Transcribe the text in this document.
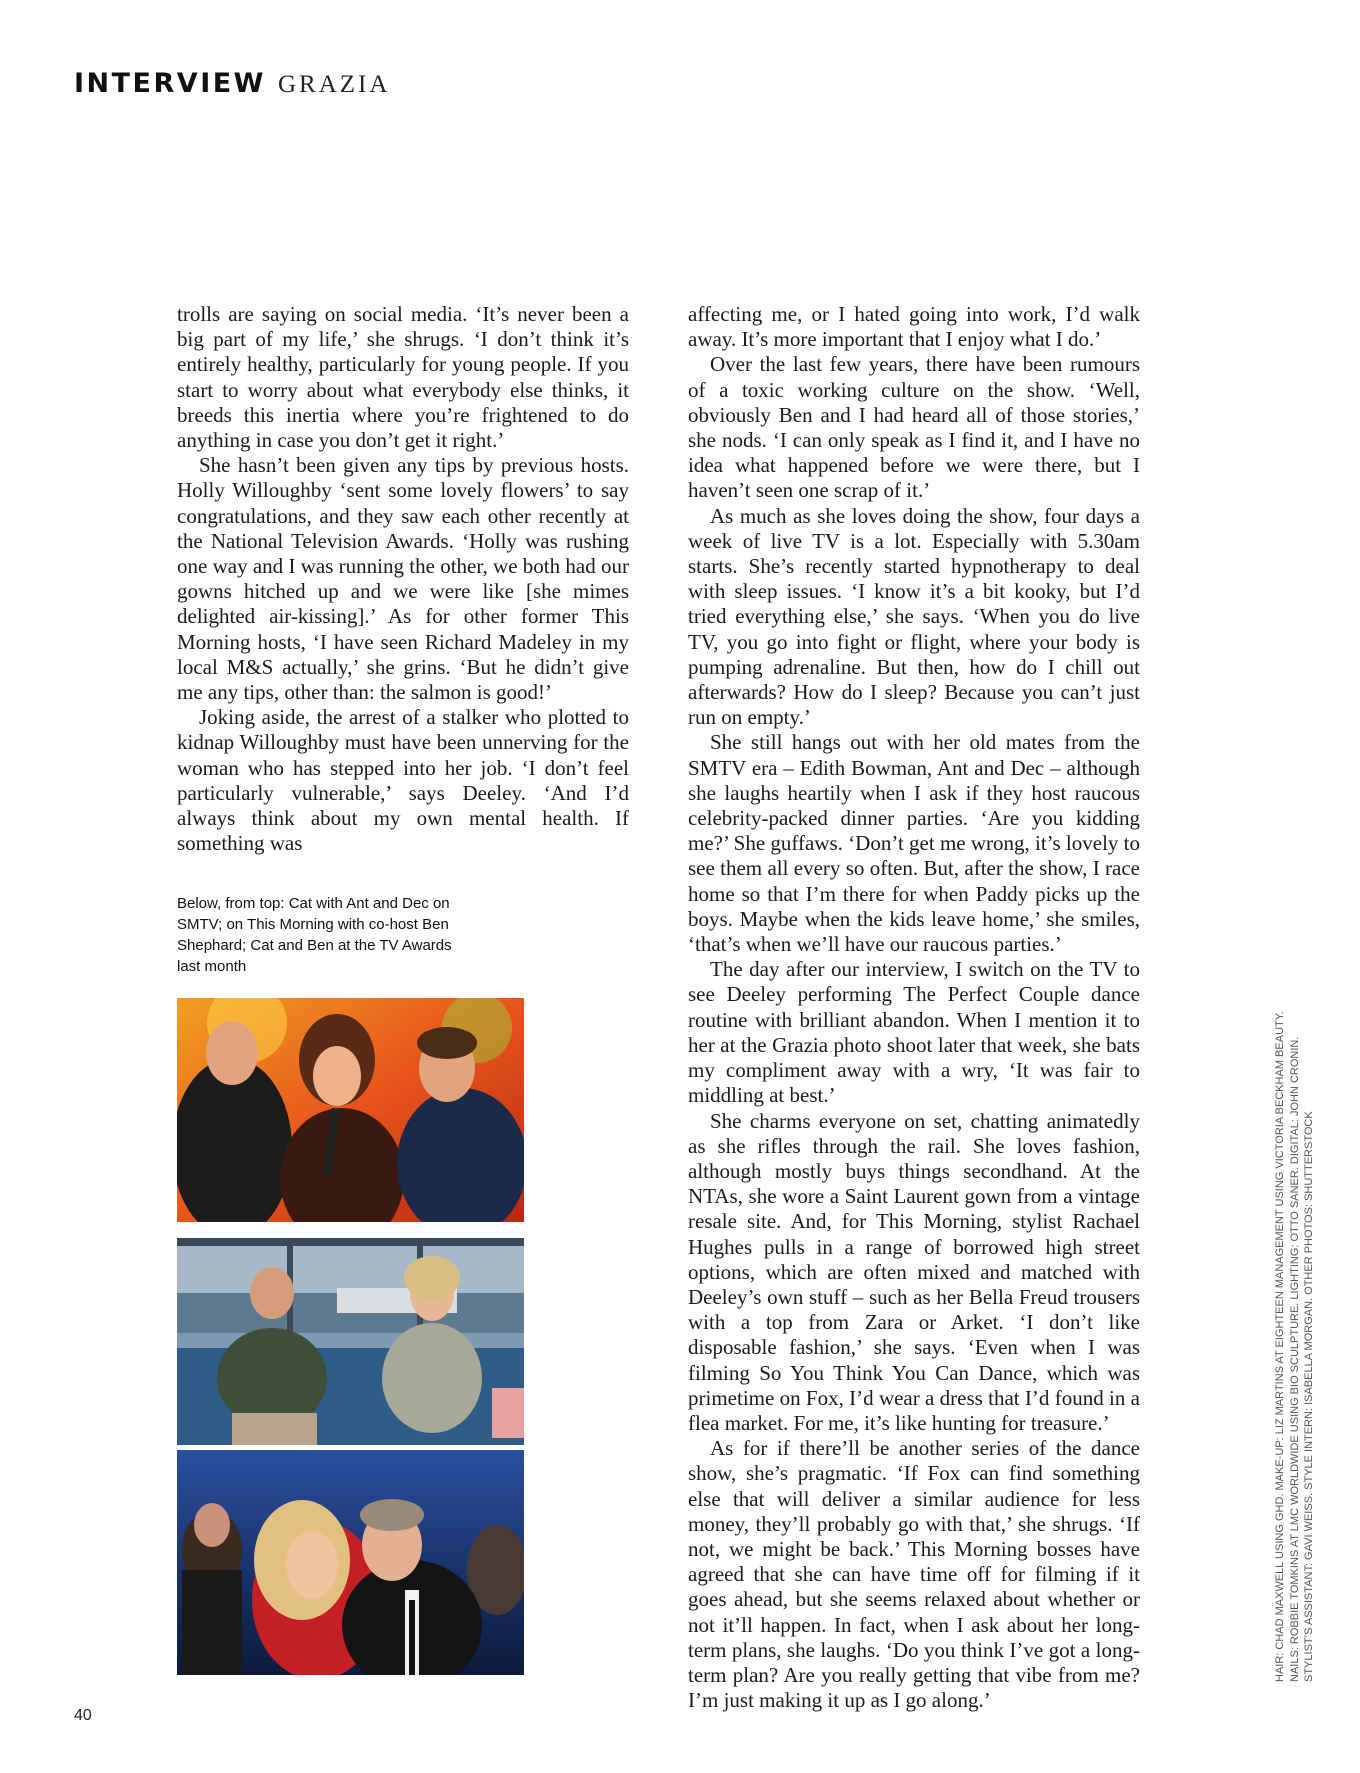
INTERVIEW GRAZIA

trolls are saying on social media. ‘It’s never been a big part of my life,’ she shrugs. ‘I don’t think it’s entirely healthy, particularly for young people. If you start to worry about what everybody else thinks, it breeds this inertia where you’re frightened to do anything in case you don’t get it right.’

She hasn’t been given any tips by previous hosts. Holly Willoughby ‘sent some lovely flowers’ to say congratulations, and they saw each other recently at the National Television Awards. ‘Holly was rushing one way and I was running the other, we both had our gowns hitched up and we were like [she mimes delighted air-kissing].’ As for other former This Morning hosts, ‘I have seen Richard Madeley in my local M&S actually,’ she grins. ‘But he didn’t give me any tips, other than: the salmon is good!’

Joking aside, the arrest of a stalker who plotted to kidnap Willoughby must have been unnerving for the woman who has stepped into her job. ‘I don’t feel particularly vulnerable,’ says Deeley. ‘And I’d always think about my own mental health. If something was

Below, from top: Cat with Ant and Dec on SMTV; on This Morning with co-host Ben Shephard; Cat and Ben at the TV Awards last month

affecting me, or I hated going into work, I’d walk away. It’s more important that I enjoy what I do.’

Over the last few years, there have been rumours of a toxic working culture on the show. ‘Well, obviously Ben and I had heard all of those stories,’ she nods. ‘I can only speak as I find it, and I have no idea what happened before we were there, but I haven’t seen one scrap of it.’

As much as she loves doing the show, four days a week of live TV is a lot. Especially with 5.30am starts. She’s recently started hypnotherapy to deal with sleep issues. ‘I know it’s a bit kooky, but I’d tried everything else,’ she says. ‘When you do live TV, you go into fight or flight, where your body is pumping adrenaline. But then, how do I chill out afterwards? How do I sleep? Because you can’t just run on empty.’

She still hangs out with her old mates from the SMTV era – Edith Bowman, Ant and Dec – although she laughs heartily when I ask if they host raucous celebrity-packed dinner parties. ‘Are you kidding me?’ She guffaws. ‘Don’t get me wrong, it’s lovely to see them all every so often. But, after the show, I race home so that I’m there for when Paddy picks up the boys. Maybe when the kids leave home,’ she smiles, ‘that’s when we’ll have our raucous parties.’

The day after our interview, I switch on the TV to see Deeley performing The Perfect Couple dance routine with brilliant abandon. When I mention it to her at the Grazia photo shoot later that week, she bats my compliment away with a wry, ‘It was fair to middling at best.’

She charms everyone on set, chatting animatedly as she rifles through the rail. She loves fashion, although mostly buys things secondhand. At the NTAs, she wore a Saint Laurent gown from a vintage resale site. And, for This Morning, stylist Rachael Hughes pulls in a range of borrowed high street options, which are often mixed and matched with Deeley’s own stuff – such as her Bella Freud trousers with a top from Zara or Arket. ‘I don’t like disposable fashion,’ she says. ‘Even when I was filming So You Think You Can Dance, which was primetime on Fox, I’d wear a dress that I’d found in a flea market. For me, it’s like hunting for treasure.’

As for if there’ll be another series of the dance show, she’s pragmatic. ‘If Fox can find something else that will deliver a similar audience for less money, they’ll probably go with that,’ she shrugs. ‘If not, we might be back.’ This Morning bosses have agreed that she can have time off for filming if it goes ahead, but she seems relaxed about whether or not it’ll happen. In fact, when I ask about her long-term plans, she laughs. ‘Do you think I’ve got a long-term plan? Are you really getting that vibe from me? I’m just making it up as I go along.’

HAIR: CHAD MAXWELL USING GHD. MAKE-UP: LIZ MARTINS AT EIGHTEEN MANAGEMENT USING VICTORIA BECKHAM BEAUTY. NAILS: ROBBIE TOMKINS AT LMC WORLDWIDE USING BIO SCULPTURE. LIGHTING: OTTO SANER. DIGITAL: JOHN CRONIN. STYLIST’S ASSISTANT: GAVI WEISS. STYLE INTERN: ISABELLA MORGAN. OTHER PHOTOS: SHUTTERSTOCK
40
